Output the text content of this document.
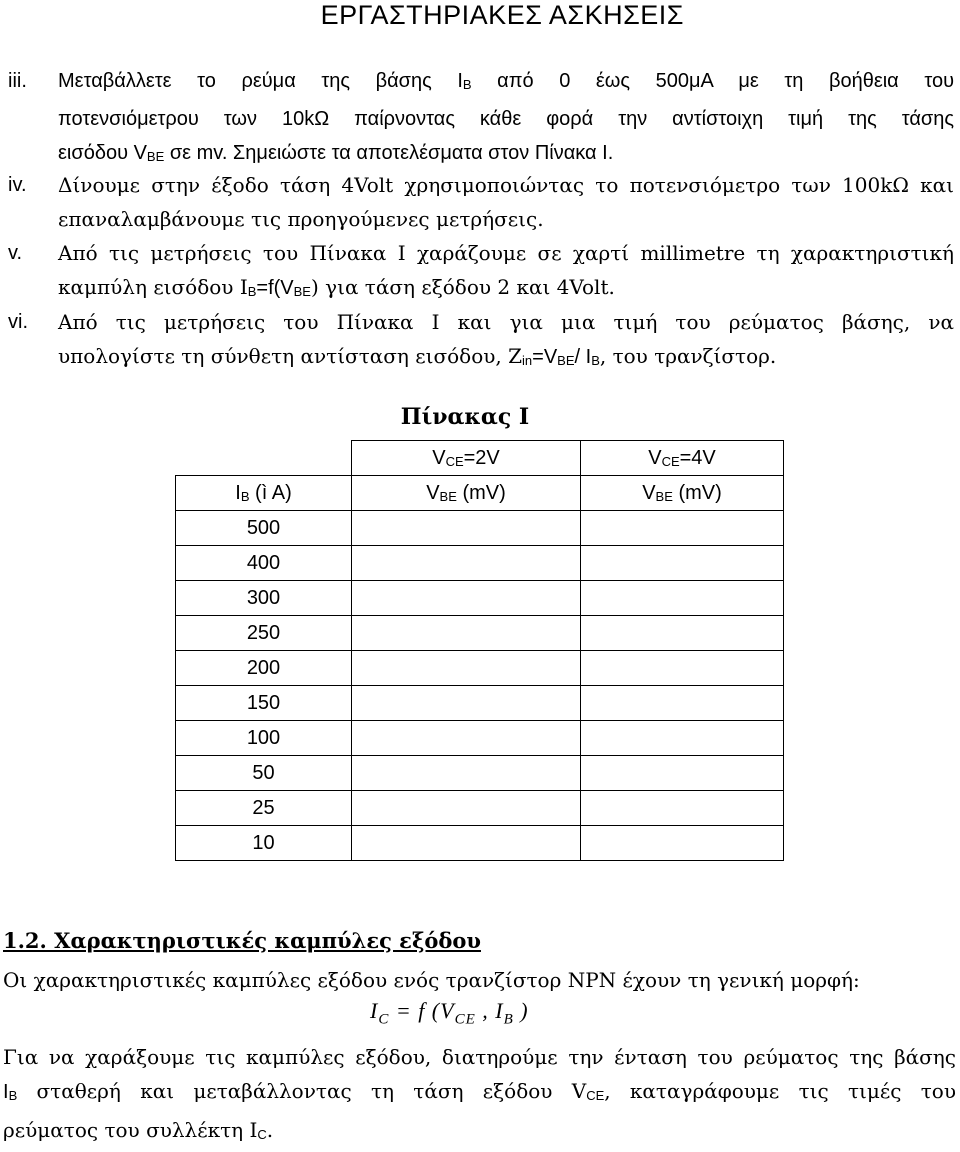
ΕΡΓΑΣΤΗΡΙΑΚΕΣ ΑΣΚΗΣΕΙΣ
iii. Μεταβάλλετε το ρεύμα της βάσης $I_B$ από 0 έως 500μΑ με τη βοήθεια του
ποτενσιόμετρου των 10kΩ παίρνοντας κάθε φορά την αντίστοιχη τιμή της τάσης
εισόδου $V_{BE}$ σε mv. Σημειώστε τα αποτελέσματα στον Πίνακα I.
iv. Δίνουμε στην έξοδο τάση 4Volt χρησιμοποιώντας το ποτενσιόμετρο των 100kΩ και
επαναλαμβάνουμε τις προηγούμενες μετρήσεις.
v. Από τις μετρήσεις του Πίνακα I χαράζουμε σε χαρτί millimetre τη χαρακτηριστική
καμπύλη εισόδου $I_B=f(V_{BE})$ για τάση εξόδου 2 και 4Volt.
vi. Από τις μετρήσεις του Πίνακα I και για μια τιμή του ρεύματος βάσης, να
υπολογίστε τη σύνθετη αντίσταση εισόδου, $Z_{in}=V_{BE}/$ $I_B$, του τρανζίστορ.
Πίνακας I
	$V_{CE}=2V$	$V_{CE}=4V$
$I_B$ (ì A)	$V_{BE}$ (mV)	$V_{BE}$ (mV)
500		
400		
300		
250		
200		
150		
100		
50		
25		
10		
1.2. Χαρακτηριστικές καμπύλες εξόδου
Οι χαρακτηριστικές καμπύλες εξόδου ενός τρανζίστορ NPN έχουν τη γενική μορφή:
$I_C = f$ ($V_{CE}$ , $I_B$ )
Για να χαράξουμε τις καμπύλες εξόδου, διατηρούμε την ένταση του ρεύματος της βάσης
$I_B$ σταθερή και μεταβάλλοντας τη τάση εξόδου $V_{CE}$, καταγράφουμε τις τιμές του
ρεύματος του συλλέκτη $I_C$.
